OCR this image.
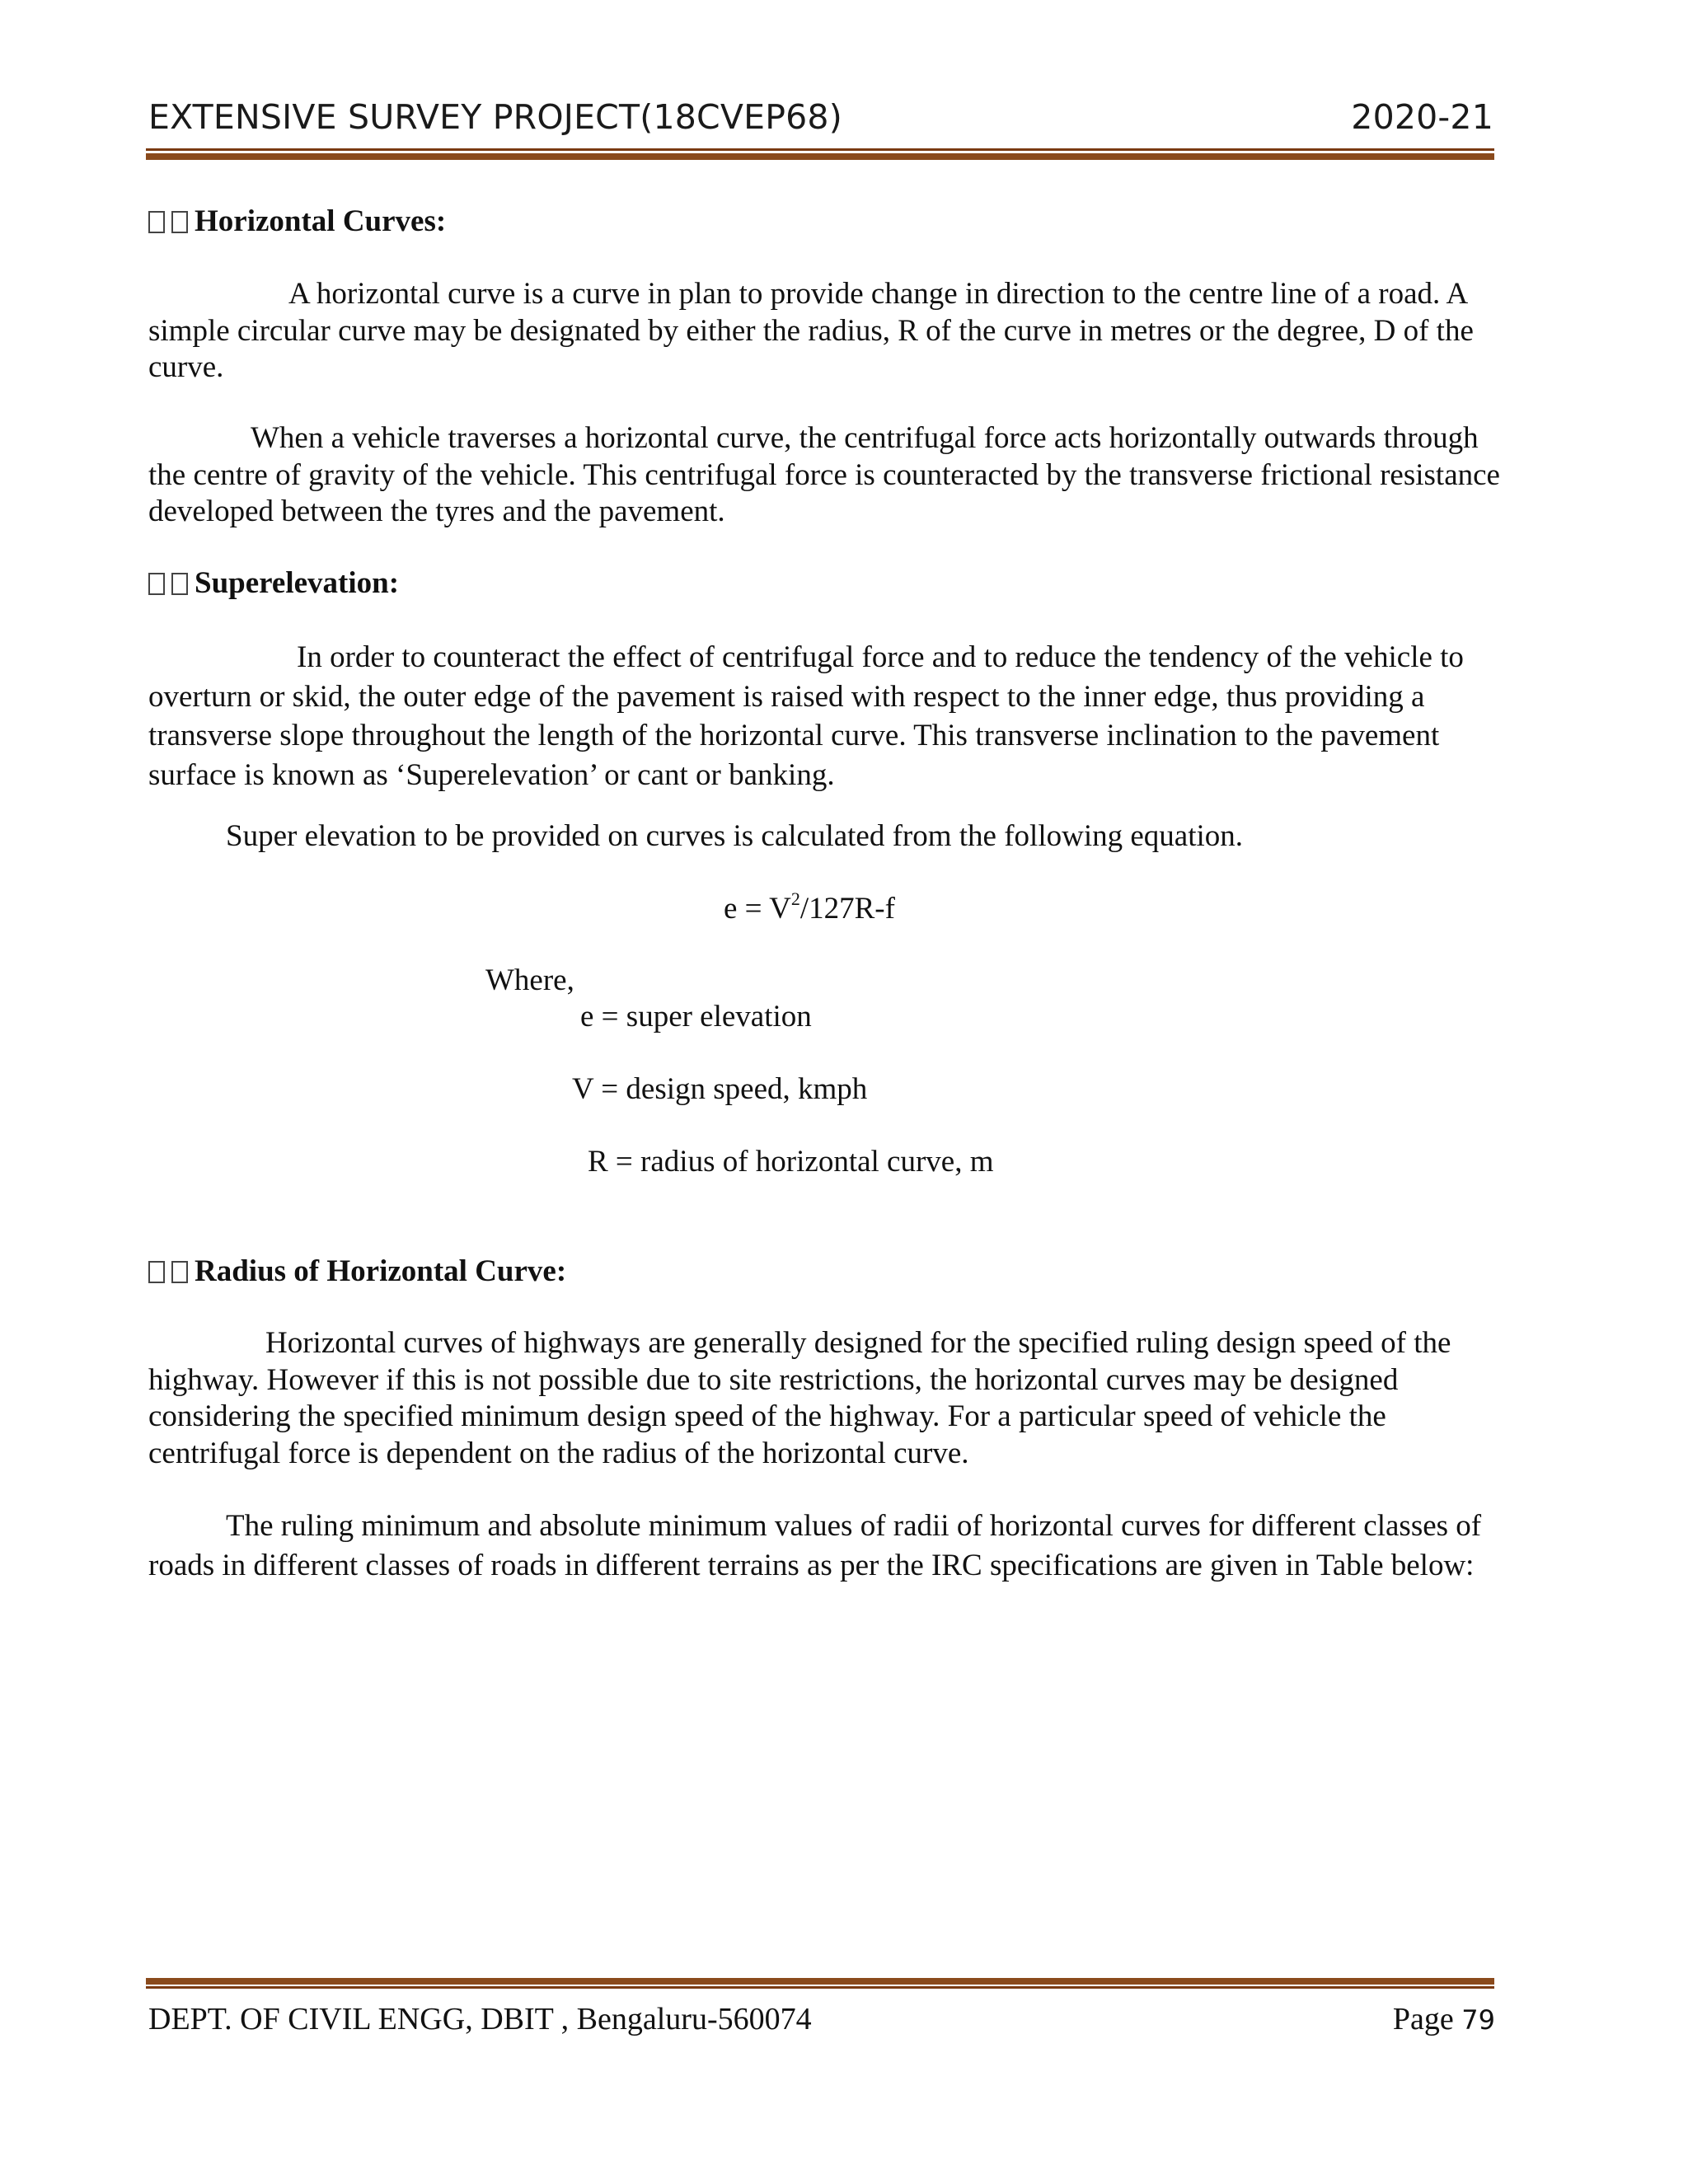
EXTENSIVE SURVEY PROJECT(18CVEP68)	2020-21
Horizontal Curves:
A horizontal curve is a curve in plan to provide change in direction to the centre line of a road. A simple circular curve may be designated by either the radius, R of the curve in metres or the degree, D of the curve.
When a vehicle traverses a horizontal curve, the centrifugal force acts horizontally outwards through the centre of gravity of the vehicle. This centrifugal force is counteracted by the transverse frictional resistance developed between the tyres and the pavement.
Superelevation:
In order to counteract the effect of centrifugal force and to reduce the tendency of the vehicle to overturn or skid, the outer edge of the pavement is raised with respect to the inner edge, thus providing a transverse slope throughout the length of the horizontal curve. This transverse inclination to the pavement surface is known as ‘Superelevation’ or cant or banking.
Super elevation to be provided on curves is calculated from the following equation.
$e = V^2/127R-f$
Where,
e = super elevation
V = design speed, kmph
R = radius of horizontal curve, m
Radius of Horizontal Curve:
Horizontal curves of highways are generally designed for the specified ruling design speed of the highway. However if this is not possible due to site restrictions, the horizontal curves may be designed considering the specified minimum design speed of the highway. For a particular speed of vehicle the centrifugal force is dependent on the radius of the horizontal curve.
The ruling minimum and absolute minimum values of radii of horizontal curves for different classes of roads in different classes of roads in different terrains as per the IRC specifications are given in Table below:
DEPT. OF CIVIL ENGG, DBIT , Bengaluru-560074	Page 79
